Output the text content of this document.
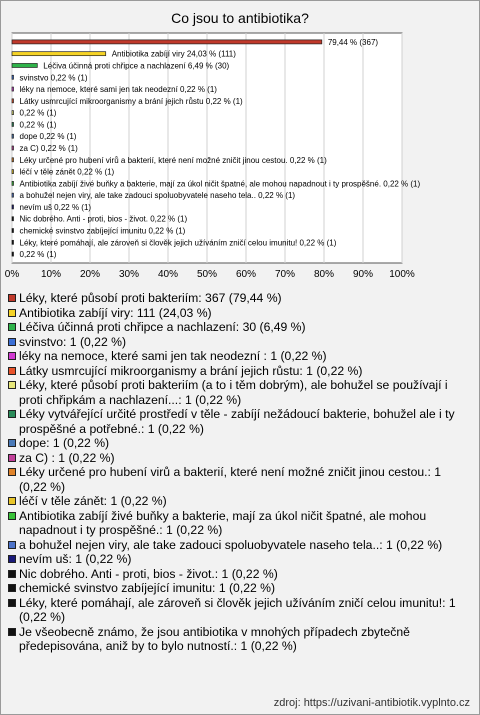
Co jsou to antibiotika?
0% 10% 20% 30% 40% 50% 60% 70% 80% 90% 100%
79,44 % (367)
Antibiotika zabíjí viry 24,03 % (111)
Léčiva účinná proti chřipce a nachlazení 6,49 % (30)
svinstvo 0,22 % (1)
léky na nemoce, které sami jen tak neodezní 0,22 % (1)
Látky usmrcující mikroorganismy a brání jejich růstu 0,22 % (1)
0,22 % (1)
0,22 % (1)
dope 0,22 % (1)
za C) 0,22 % (1)
Léky určené pro hubení virů a bakterií, které není možné zničit jinou cestou. 0,22 % (1)
léčí v těle zánět 0,22 % (1)
Antibiotika zabíjí živé buňky a bakterie, mají za úkol ničit špatné, ale mohou napadnout i ty prospěšné. 0,22 % (1)
a bohužel nejen viry, ale take zadouci spoluobyvatele naseho tela.. 0,22 % (1)
nevím uš 0,22 % (1)
Nic dobrého. Anti - proti, bios - život. 0,22 % (1)
chemické svinstvo zabíjející imunitu 0,22 % (1)
Léky, které pomáhají, ale zároveň si člověk jejich užíváním zničí celou imunitu! 0,22 % (1)
0,22 % (1)
Léky, které působí proti bakteriím: 367 (79,44 %)
Antibiotika zabíjí viry: 111 (24,03 %)
Léčiva účinná proti chřipce a nachlazení: 30 (6,49 %)
svinstvo: 1 (0,22 %)
léky na nemoce, které sami jen tak neodezní : 1 (0,22 %)
Látky usmrcující mikroorganismy a brání jejich růstu: 1 (0,22 %)
Léky, které působí proti bakteriím (a to i těm dobrým), ale bohužel se používají i proti chřipkám a nachlazení...: 1 (0,22 %)
Léky vytvářející určité prostředí v těle - zabíjí nežádoucí bakterie, bohužel ale i ty prospěšné a potřebné.: 1 (0,22 %)
dope: 1 (0,22 %)
za C) : 1 (0,22 %)
Léky určené pro hubení virů a bakterií, které není možné zničit jinou cestou.: 1 (0,22 %)
léčí v těle zánět: 1 (0,22 %)
Antibiotika zabíjí živé buňky a bakterie, mají za úkol ničit špatné, ale mohou napadnout i ty prospěšné.: 1 (0,22 %)
a bohužel nejen viry, ale take zadouci spoluobyvatele naseho tela..: 1 (0,22 %)
nevím uš: 1 (0,22 %)
Nic dobrého. Anti - proti, bios - život.: 1 (0,22 %)
chemické svinstvo zabíjející imunitu: 1 (0,22 %)
Léky, které pomáhají, ale zároveň si člověk jejich užíváním zničí celou imunitu!: 1 (0,22 %)
Je všeobecně známo, že jsou antibiotika v mnohých případech zbytečně předepisována, aniž by to bylo nutností.: 1 (0,22 %)
zdroj: https://uzivani-antibiotik.vyplnto.cz
